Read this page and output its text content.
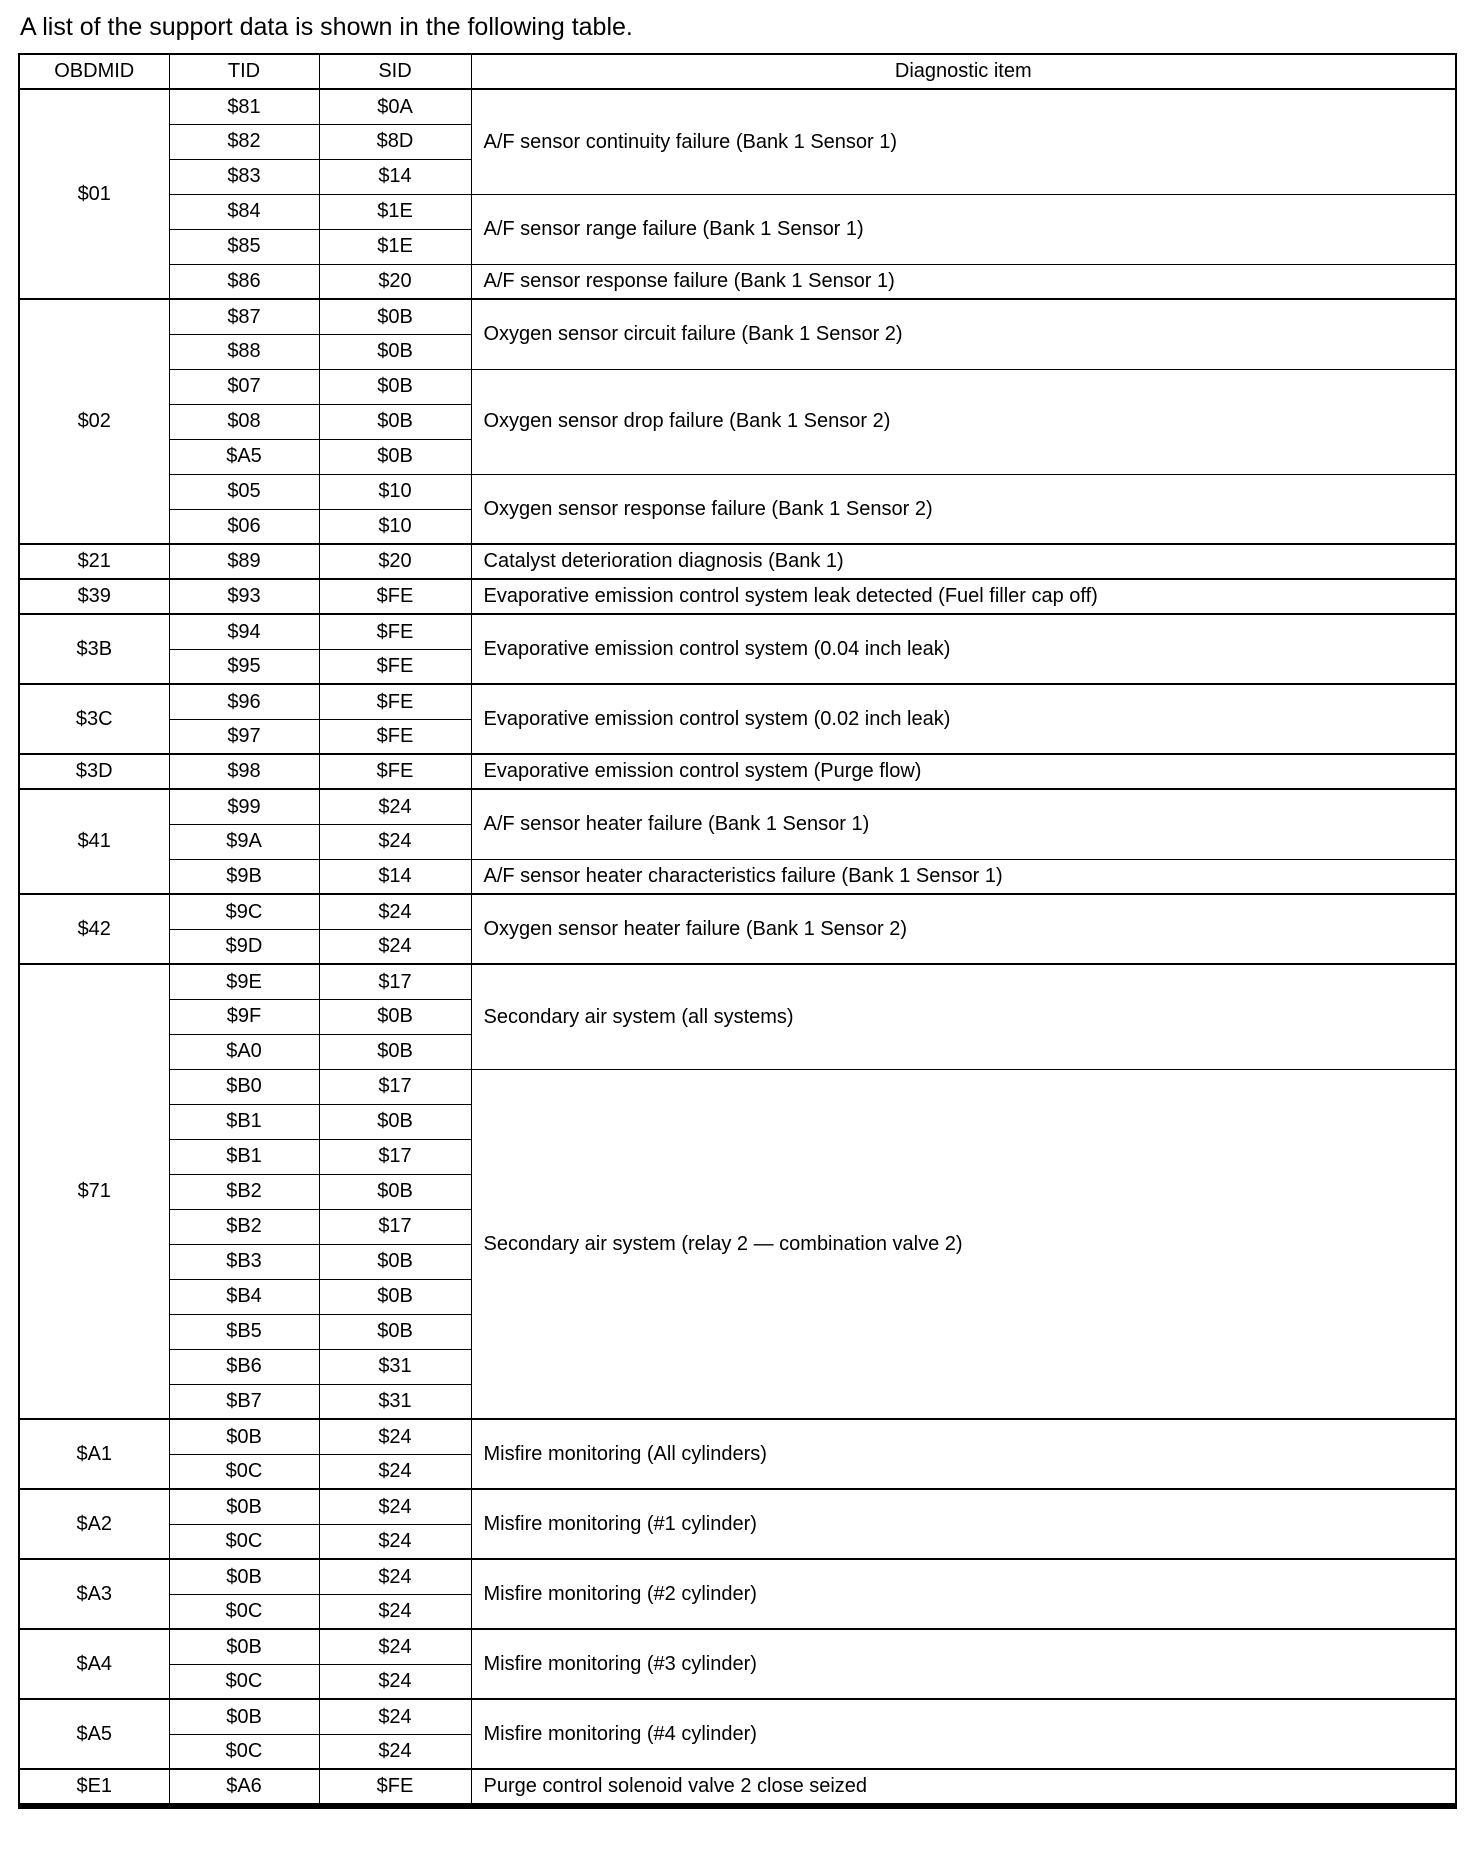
A list of the support data is shown in the following table.

OBDMID	TID	SID	Diagnostic item
$01	$81	$0A	A/F sensor continuity failure (Bank 1 Sensor 1)
	$82	$8D	
	$83	$14	
	$84	$1E	A/F sensor range failure (Bank 1 Sensor 1)
	$85	$1E	
	$86	$20	A/F sensor response failure (Bank 1 Sensor 1)
$02	$87	$0B	Oxygen sensor circuit failure (Bank 1 Sensor 2)
	$88	$0B	
	$07	$0B	Oxygen sensor drop failure (Bank 1 Sensor 2)
	$08	$0B	
	$A5	$0B	
	$05	$10	Oxygen sensor response failure (Bank 1 Sensor 2)
	$06	$10	
$21	$89	$20	Catalyst deterioration diagnosis (Bank 1)
$39	$93	$FE	Evaporative emission control system leak detected (Fuel filler cap off)
$3B	$94	$FE	Evaporative emission control system (0.04 inch leak)
	$95	$FE	
$3C	$96	$FE	Evaporative emission control system (0.02 inch leak)
	$97	$FE	
$3D	$98	$FE	Evaporative emission control system (Purge flow)
$41	$99	$24	A/F sensor heater failure (Bank 1 Sensor 1)
	$9A	$24	
	$9B	$14	A/F sensor heater characteristics failure (Bank 1 Sensor 1)
$42	$9C	$24	Oxygen sensor heater failure (Bank 1 Sensor 2)
	$9D	$24	
$71	$9E	$17	Secondary air system (all systems)
	$9F	$0B	
	$A0	$0B	
	$B0	$17	Secondary air system (relay 2 — combination valve 2)
	$B1	$0B	
	$B1	$17	
	$B2	$0B	
	$B2	$17	
	$B3	$0B	
	$B4	$0B	
	$B5	$0B	
	$B6	$31	
	$B7	$31	
$A1	$0B	$24	Misfire monitoring (All cylinders)
	$0C	$24	
$A2	$0B	$24	Misfire monitoring (#1 cylinder)
	$0C	$24	
$A3	$0B	$24	Misfire monitoring (#2 cylinder)
	$0C	$24	
$A4	$0B	$24	Misfire monitoring (#3 cylinder)
	$0C	$24	
$A5	$0B	$24	Misfire monitoring (#4 cylinder)
	$0C	$24	
$E1	$A6	$FE	Purge control solenoid valve 2 close seized
